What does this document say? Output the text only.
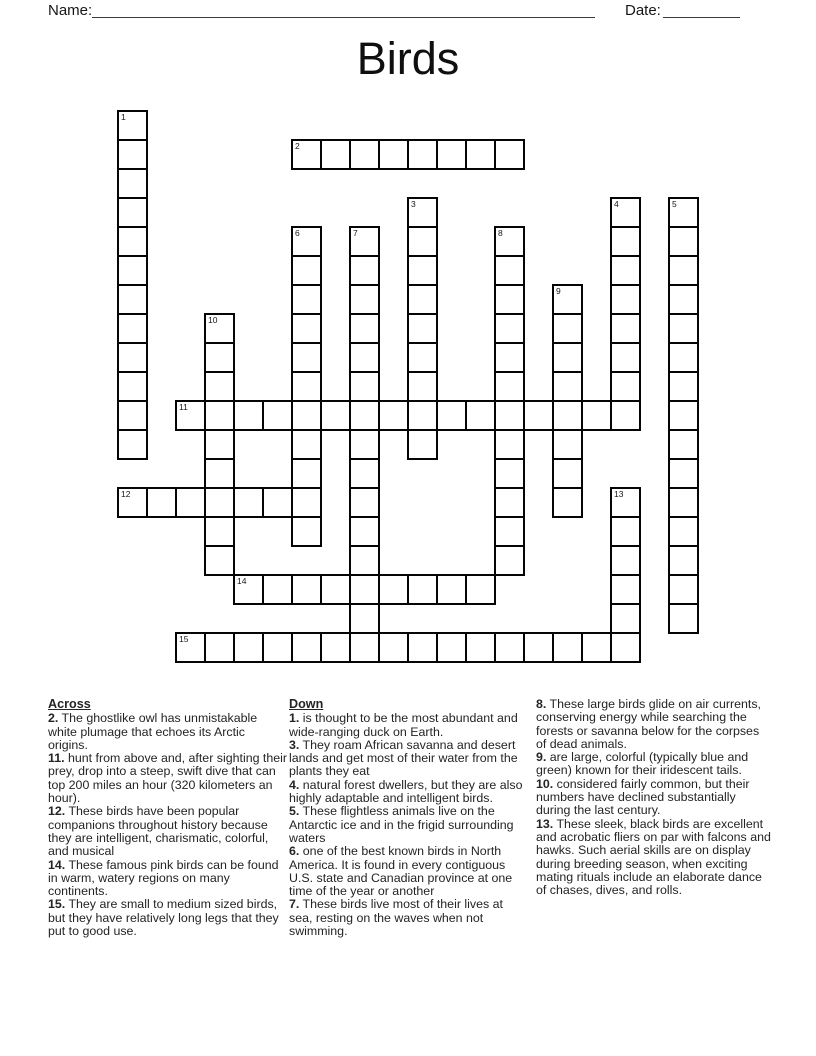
Name:	Date:
Birds
1
2
3	4	5
6	7	8
9
10
11
12	13
14
15

Across

2. The ghostlike owl has unmistakable white plumage that echoes its Arctic origins.

11. hunt from above and, after sighting their prey, drop into a steep, swift dive that can top 200 miles an hour (320 kilometers an hour).

12. These birds have been popular companions throughout history because they are intelligent, charismatic, colorful, and musical

14. These famous pink birds can be found in warm, watery regions on many continents.

15. They are small to medium sized birds, but they have relatively long legs that they put to good use.

Down

1. is thought to be the most abundant and wide-ranging duck on Earth.

3. They roam African savanna and desert lands and get most of their water from the plants they eat

4. natural forest dwellers, but they are also highly adaptable and intelligent birds.

5. These flightless animals live on the Antarctic ice and in the frigid surrounding waters

6. one of the best known birds in North America. It is found in every contiguous U.S. state and Canadian province at one time of the year or another

7. These birds live most of their lives at sea, resting on the waves when not swimming.

8. These large birds glide on air currents, conserving energy while searching the forests or savanna below for the corpses of dead animals.

9. are large, colorful (typically blue and green) known for their iridescent tails.

10. considered fairly common, but their numbers have declined substantially during the last century.

13. These sleek, black birds are excellent and acrobatic fliers on par with falcons and hawks. Such aerial skills are on display during breeding season, when exciting mating rituals include an elaborate dance of chases, dives, and rolls.
